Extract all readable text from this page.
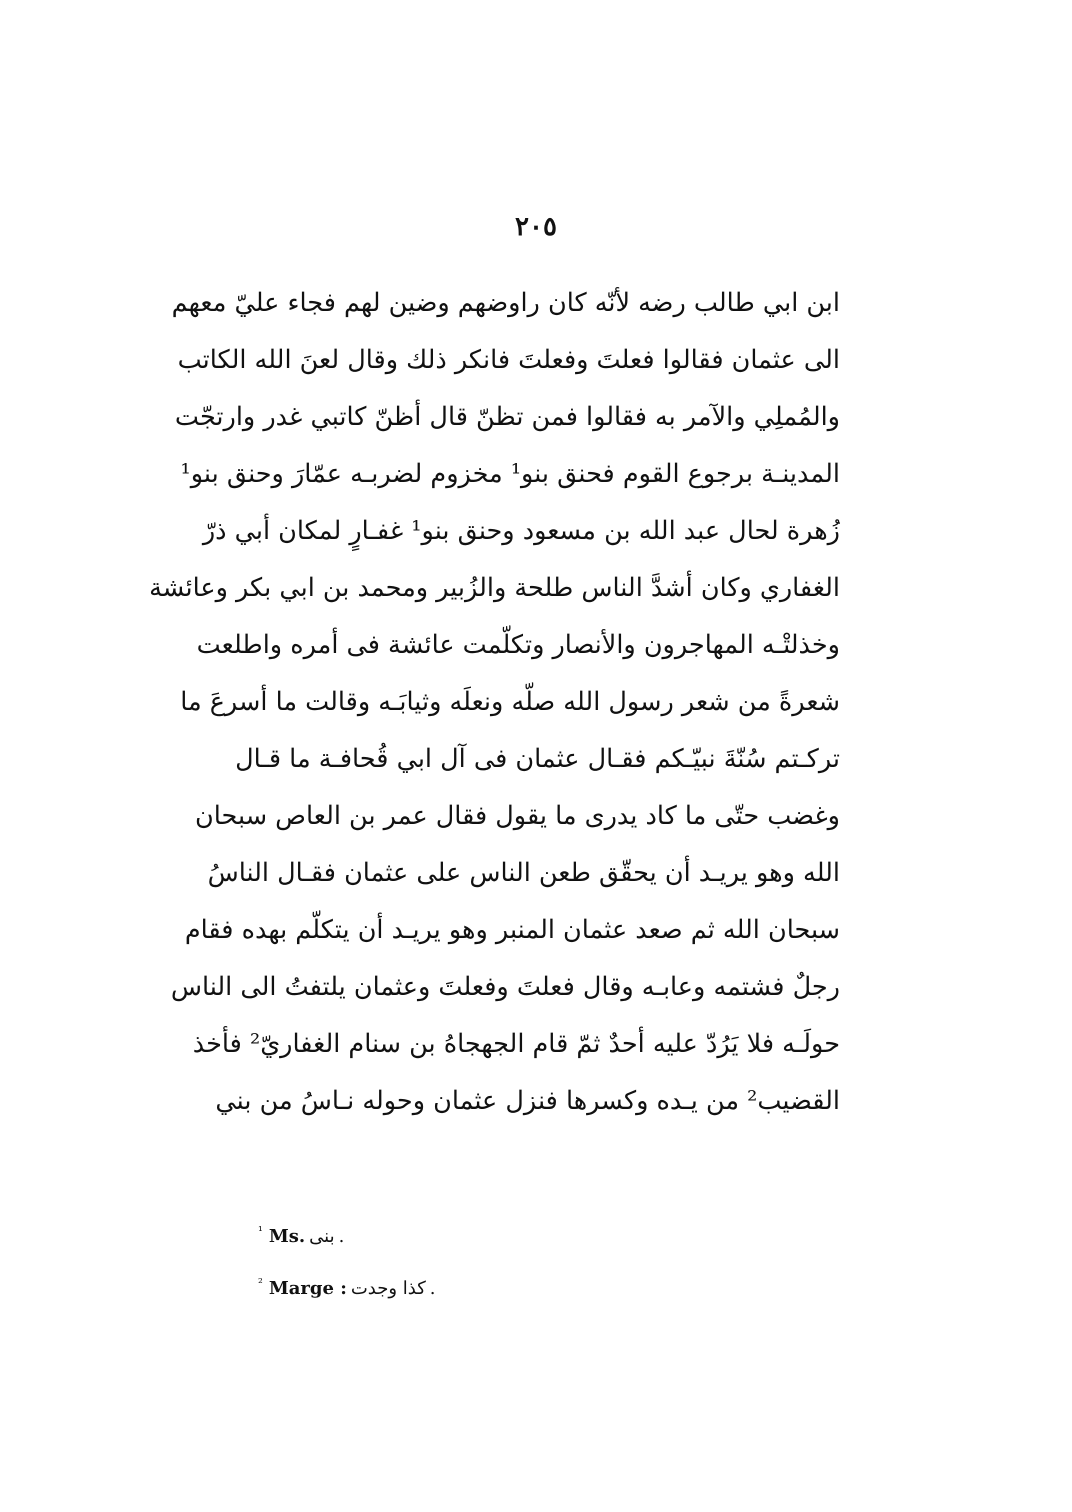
٢٠٥
ابن ابي طالب رضه لأنّه كان راوضهم وضين لهم فجاء عليّ معهم
الى عثمان فقالوا فعلتَ وفعلتَ فانكر ذلك وقال لعنَ الله الكاتب
والمُملِي والآمر به فقالوا فمن تظنّ قال أظنّ كاتبي غدر وارتجّت
المدينـة برجوع القوم فحنق بنو¹ مخزوم لضربـه عمّارَ وحنق بنو¹
زُهرة لحال عبد الله بن مسعود وحنق بنو¹ غفـارٍ لمكان أبي ذرّ
الغفاري وكان أشدَّ الناس طلحة والزُبير ومحمد بن ابي بكر وعائشة
وخذلتْـه المهاجرون والأنصار وتكلّمت عائشة فى أمره واطلعت
شعرةً من شعر رسول الله صلّه ونعلَه وثيابَـه وقالت ما أسرعَ ما
تركـتم سُنّةَ نبيّـكم فقـال عثمان فى آل ابي قُحافـة ما قـال
وغضب حتّى ما كاد يدرى ما يقول فقال عمر بن العاص سبحان
الله وهو يريـد أن يحقّق طعن الناس على عثمان فقـال الناسُ
سبحان الله ثم صعد عثمان المنبر وهو يريـد أن يتكلّم بهده فقام
رجلٌ فشتمه وعابـه وقال فعلتَ وفعلتَ وعثمان يلتفتُ الى الناس
حولَـه فلا يَرُدّ عليه أحدٌ ثمّ قام الجهجاهُ بن سنام الغفاريّ² فأخذ
القضيب² من يـده وكسرها فنزل عثمان وحوله نـاسُ من بني
$^{^1}$ Ms. بنى .
$^{^2}$ Marge : كذا وجدت .
